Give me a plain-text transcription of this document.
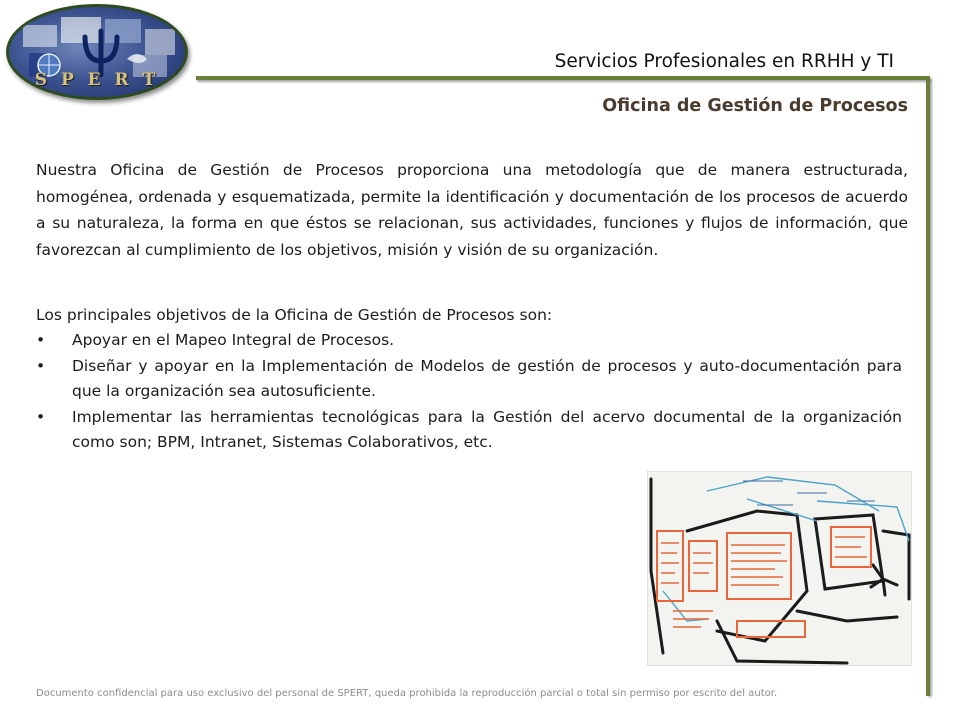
S P E R T
Servicios Profesionales en RRHH y TI
Oficina de Gestión de Procesos

Nuestra Oficina de Gestión de Procesos proporciona una metodología que de manera estructurada, homogénea, ordenada y esquematizada, permite la identificación y documentación de los procesos de acuerdo a su naturaleza, la forma en que éstos se relacionan, sus actividades, funciones y flujos de información, que favorezcan al cumplimiento de los objetivos, misión y visión de su organización.

Los principales objetivos de la Oficina de Gestión de Procesos son:

•	Apoyar en el Mapeo Integral de Procesos.
•	Diseñar y apoyar en la Implementación de Modelos de gestión de procesos y auto-documentación para que la organización sea autosuficiente.
•	Implementar las herramientas tecnológicas para la Gestión del acervo documental de la organización como son; BPM, Intranet, Sistemas Colaborativos, etc.
Documento confidencial para uso exclusivo del personal de SPERT, queda prohibida la reproducción parcial o total sin permiso por escrito del autor.
